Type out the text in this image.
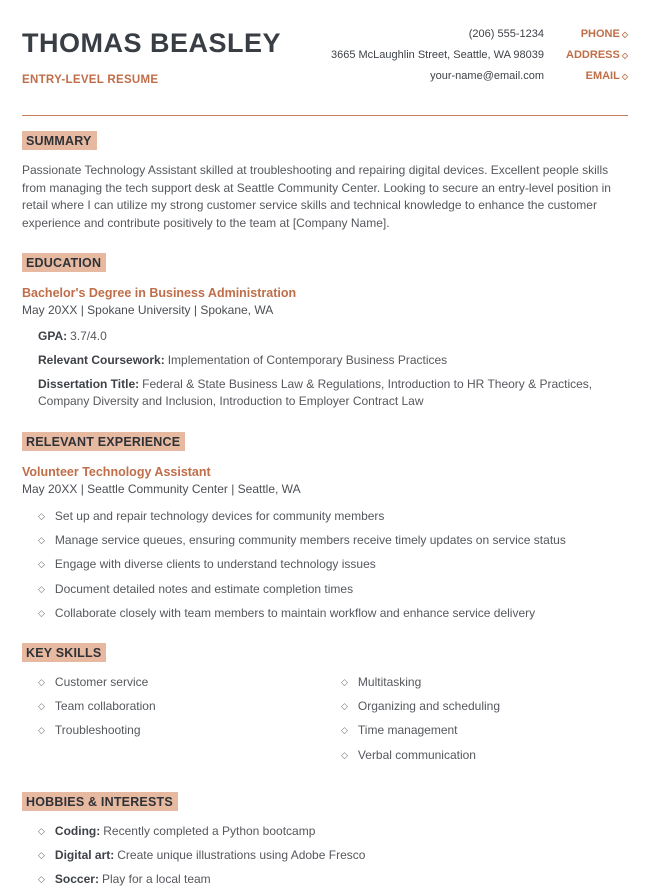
THOMAS BEASLEY
ENTRY-LEVEL RESUME
(206) 555-1234	PHONE ◇
3665 McLaughlin Street, Seattle, WA 98039	ADDRESS ◇
your-name@email.com	EMAIL ◇
SUMMARY

Passionate Technology Assistant skilled at troubleshooting and repairing digital devices. Excellent people skills from managing the tech support desk at Seattle Community Center. Looking to secure an entry-level position in retail where I can utilize my strong customer service skills and technical knowledge to enhance the customer experience and contribute positively to the team at [Company Name].

EDUCATION
Bachelor's Degree in Business Administration
May 20XX | Spokane University | Spokane, WA
GPA: 3.7/4.0
Relevant Coursework: Implementation of Contemporary Business Practices
Dissertation Title: Federal & State Business Law & Regulations, Introduction to HR Theory & Practices, Company Diversity and Inclusion, Introduction to Employer Contract Law
RELEVANT EXPERIENCE
Volunteer Technology Assistant
May 20XX | Seattle Community Center | Seattle, WA
◇ Set up and repair technology devices for community members
◇ Manage service queues, ensuring community members receive timely updates on service status
◇ Engage with diverse clients to understand technology issues
◇ Document detailed notes and estimate completion times
◇ Collaborate closely with team members to maintain workflow and enhance service delivery
KEY SKILLS
◇ Customer service
◇ Team collaboration
◇ Troubleshooting
◇ Multitasking
◇ Organizing and scheduling
◇ Time management
◇ Verbal communication
HOBBIES & INTERESTS
◇ Coding: Recently completed a Python bootcamp
◇ Digital art: Create unique illustrations using Adobe Fresco
◇ Soccer: Play for a local team
